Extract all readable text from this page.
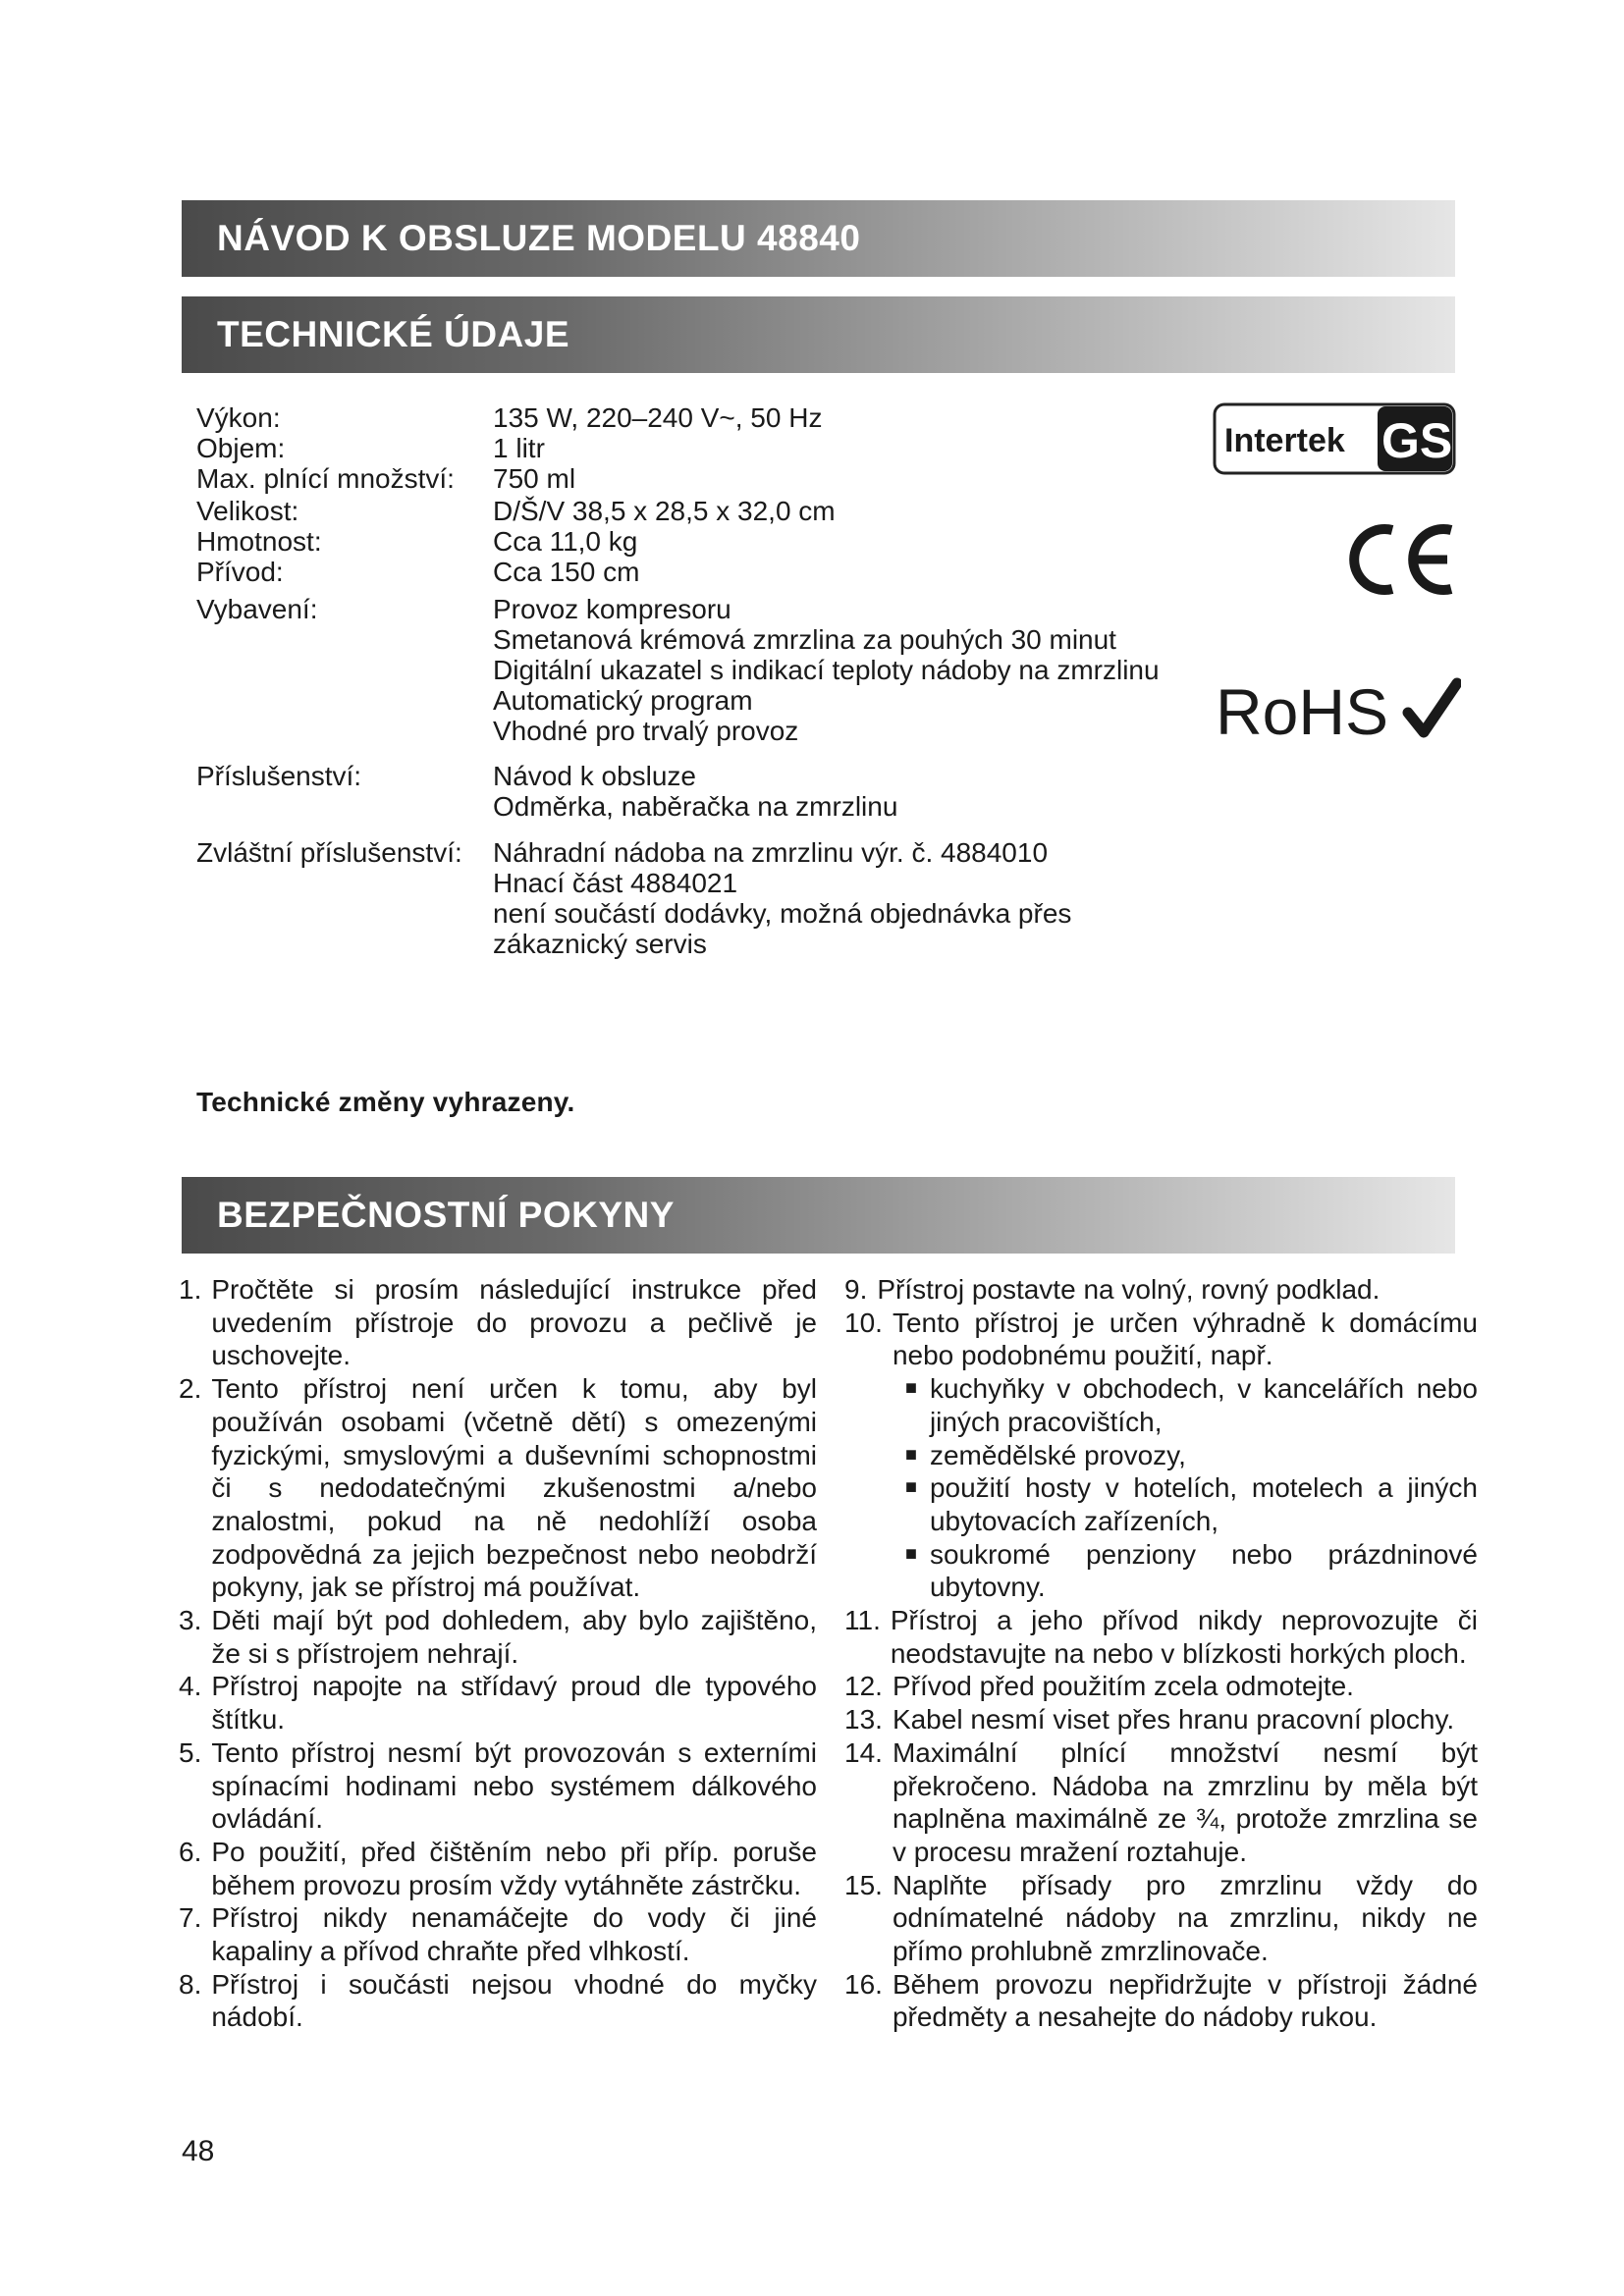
NÁVOD K OBSLUZE MODELU 48840
TECHNICKÉ ÚDAJE
Výkon:	135 W, 220–240 V~, 50 Hz
Objem:	1 litr
Max. plnící množství:	750 ml
Velikost:	D/Š/V 38,5 x 28,5 x 32,0 cm
Hmotnost:	Cca 11,0 kg
Přívod:	Cca 150 cm
Vybavení:	Provoz kompresoru
Smetanová krémová zmrzlina za pouhých 30 minut
Digitální ukazatel s indikací teploty nádoby na zmrzlinu
Automatický program
Vhodné pro trvalý provoz
Příslušenství:	Návod k obsluze
Odměrka, naběračka na zmrzlinu
Zvláštní příslušenství:	Náhradní nádoba na zmrzlinu výr. č. 4884010
Hnací část 4884021
není součástí dodávky, možná objednávka přes
zákaznický servis
Technické změny vyhrazeny.
Intertek GS
RoHS
BEZPEČNOSTNÍ POKYNY
1. Pročtěte si prosím následující instrukce před uvedením přístroje do provozu a pečlivě je uschovejte.
2. Tento přístroj není určen k tomu, aby byl používán osobami (včetně dětí) s omezenými fyzickými, smyslovými a duševními schopnostmi či s nedodatečnými zkušenostmi a/nebo znalostmi, pokud na ně nedohlíží osoba zodpovědná za jejich bezpečnost nebo neobdrží pokyny, jak se přístroj má používat.
3. Děti mají být pod dohledem, aby bylo zajištěno, že si s přístrojem nehrají.
4. Přístroj napojte na střídavý proud dle typového štítku.
5. Tento přístroj nesmí být provozován s externími spínacími hodinami nebo systémem dálkového ovládání.
6. Po použití, před čištěním nebo při příp. poruše během provozu prosím vždy vytáhněte zástrčku.
7. Přístroj nikdy nenamáčejte do vody či jiné kapaliny a přívod chraňte před vlhkostí.
8. Přístroj i součásti nejsou vhodné do myčky nádobí.
9. Přístroj postavte na volný, rovný podklad.
10. Tento přístroj je určen výhradně k domácímu nebo podobnému použití, např.
■ kuchyňky v obchodech, v kancelářích nebo jiných pracovištích,
■ zemědělské provozy,
■ použití hosty v hotelích, motelech a jiných ubytovacích zařízeních,
■ soukromé penziony nebo prázdninové ubytovny.
11. Přístroj a jeho přívod nikdy neprovozujte či neodstavujte na nebo v blízkosti horkých ploch.
12. Přívod před použitím zcela odmotejte.
13. Kabel nesmí viset přes hranu pracovní plochy.
14. Maximální plnící množství nesmí být překročeno. Nádoba na zmrzlinu by měla být naplněna maximálně ze ¾, protože zmrzlina se v procesu mražení roztahuje.
15. Naplňte přísady pro zmrzlinu vždy do odnímatelné nádoby na zmrzlinu, nikdy ne přímo prohlubně zmrzlinovače.
16. Během provozu nepřidržujte v přístroji žádné předměty a nesahejte do nádoby rukou.
48
